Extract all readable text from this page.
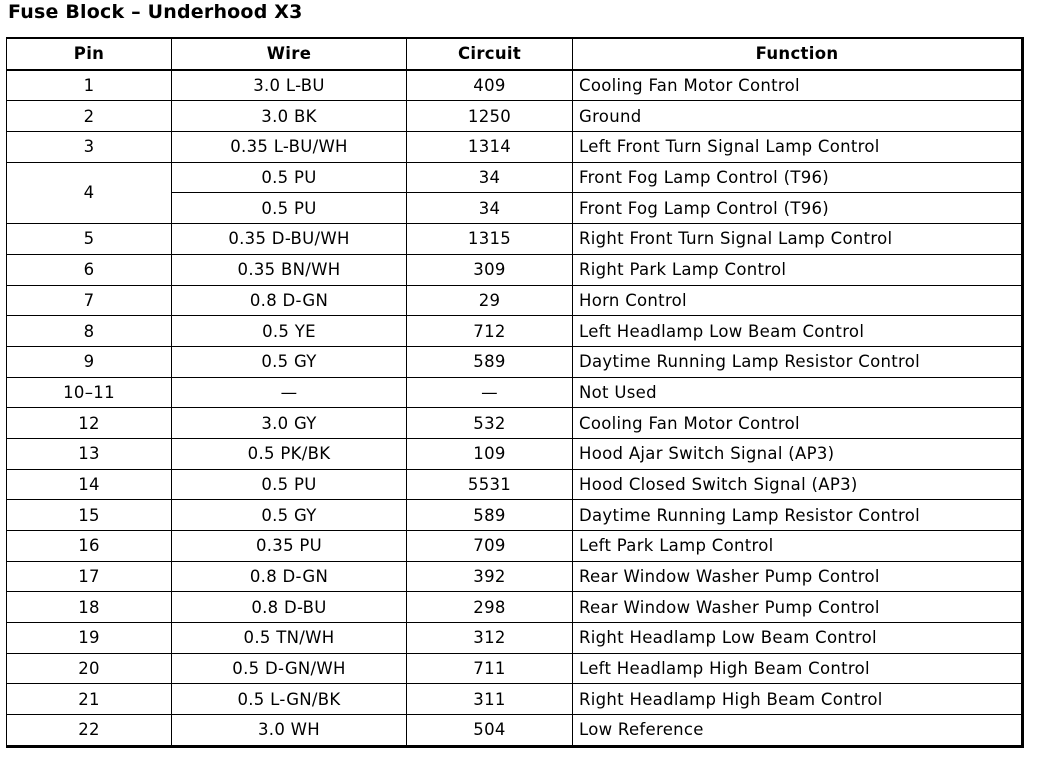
Fuse Block – Underhood X3
Pin	Wire	Circuit	Function
1	3.0 L-BU	409	Cooling Fan Motor Control
2	3.0 BK	1250	Ground
3	0.35 L-BU/WH	1314	Left Front Turn Signal Lamp Control
4	0.5 PU	34	Front Fog Lamp Control (T96)
	0.5 PU	34	Front Fog Lamp Control (T96)
5	0.35 D-BU/WH	1315	Right Front Turn Signal Lamp Control
6	0.35 BN/WH	309	Right Park Lamp Control
7	0.8 D-GN	29	Horn Control
8	0.5 YE	712	Left Headlamp Low Beam Control
9	0.5 GY	589	Daytime Running Lamp Resistor Control
10–11	—	—	Not Used
12	3.0 GY	532	Cooling Fan Motor Control
13	0.5 PK/BK	109	Hood Ajar Switch Signal (AP3)
14	0.5 PU	5531	Hood Closed Switch Signal (AP3)
15	0.5 GY	589	Daytime Running Lamp Resistor Control
16	0.35 PU	709	Left Park Lamp Control
17	0.8 D-GN	392	Rear Window Washer Pump Control
18	0.8 D-BU	298	Rear Window Washer Pump Control
19	0.5 TN/WH	312	Right Headlamp Low Beam Control
20	0.5 D-GN/WH	711	Left Headlamp High Beam Control
21	0.5 L-GN/BK	311	Right Headlamp High Beam Control
22	3.0 WH	504	Low Reference
